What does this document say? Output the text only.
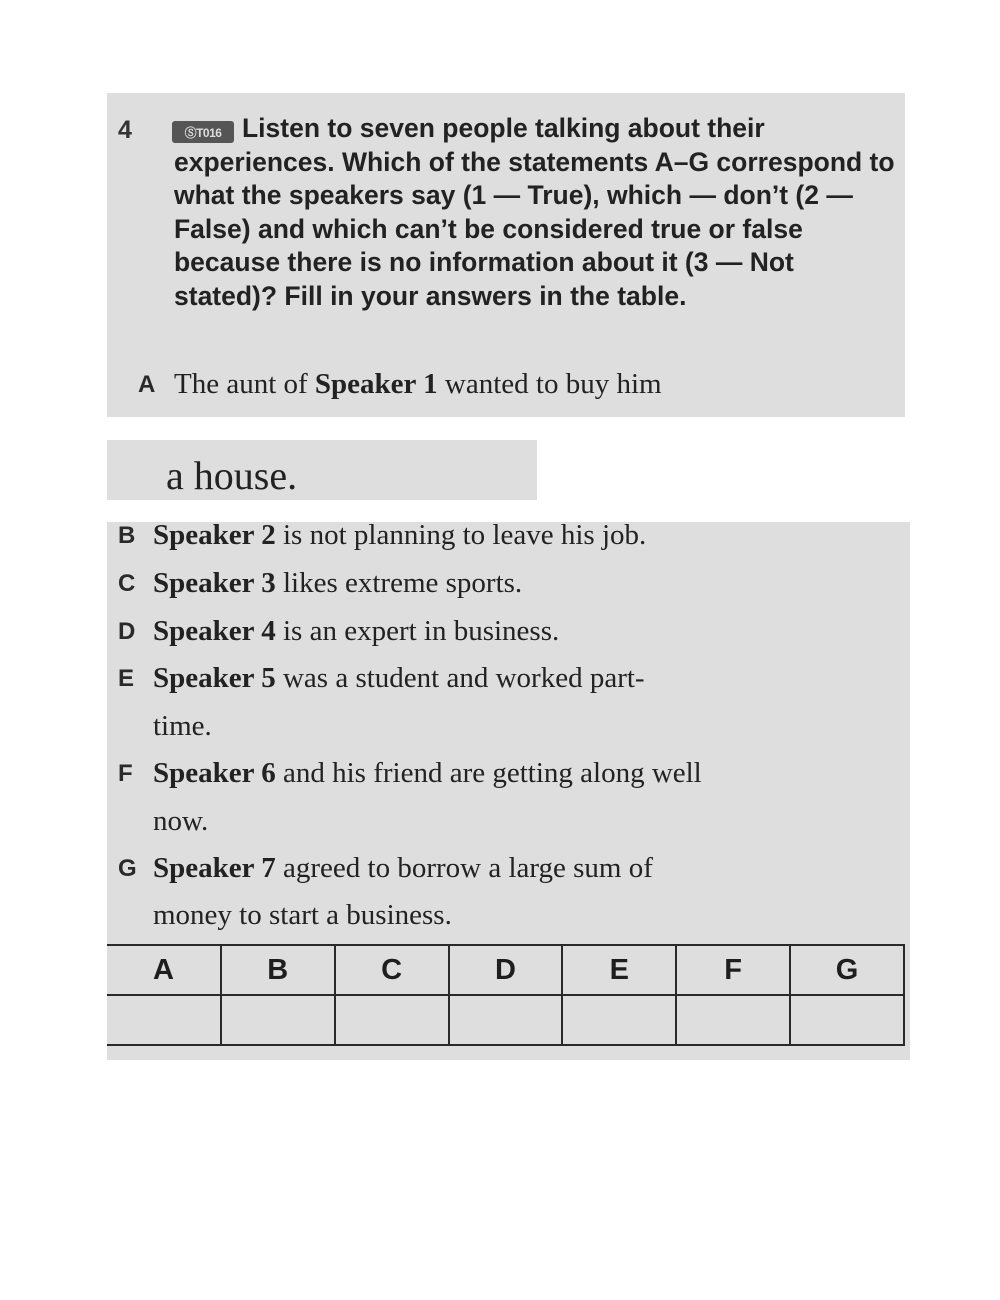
4	ⓈT016 Listen to seven people talking about their experiences. Which of the statements A–G correspond to what the speakers say (1 — True), which — don’t (2 — False) and which can’t be considered true or false because there is no information about it (3 — Not stated)? Fill in your answers in the table.
A The aunt of Speaker 1 wanted to buy him
a house.
B Speaker 2 is not planning to leave his job.
C Speaker 3 likes extreme sports.
D Speaker 4 is an expert in business.
E Speaker 5 was a student and worked part-
time.
F Speaker 6 and his friend are getting along well
now.
G Speaker 7 agreed to borrow a large sum of
money to start a business.
A	B	C	D	E	F	G
